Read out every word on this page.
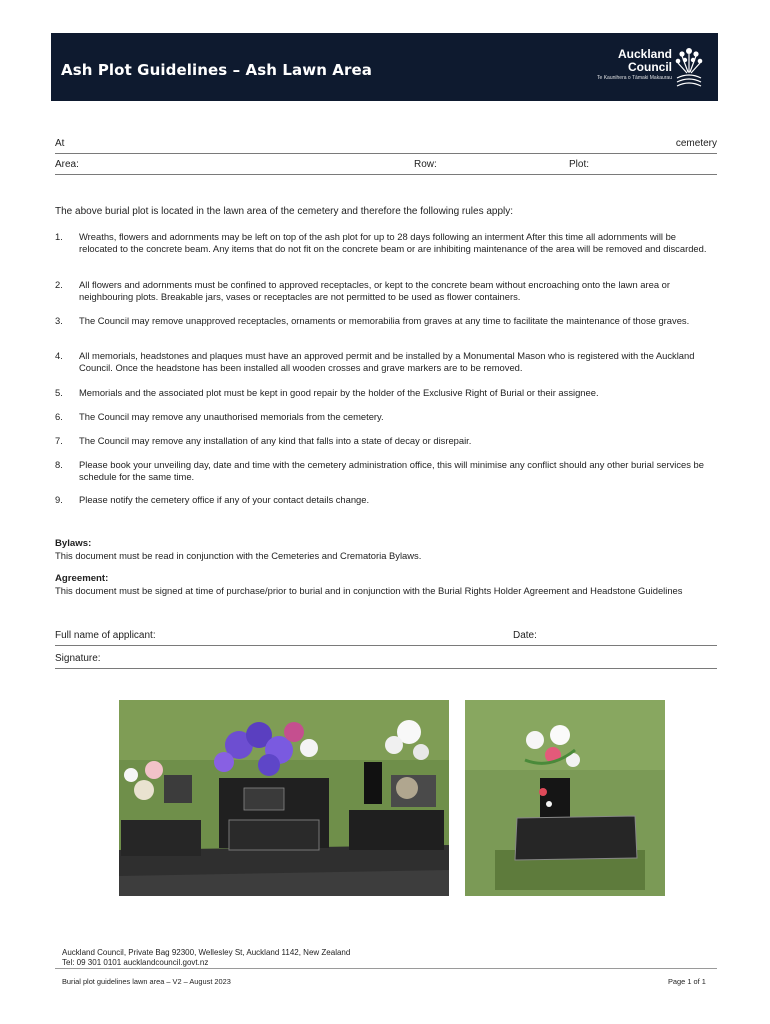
Ash Plot Guidelines – Ash Lawn Area
Auckland
Council
Te Kaunihera o Tāmaki Makaurau
At	cemetery
Area:	Row:	Plot:
The above burial plot is located in the lawn area of the cemetery and therefore the following rules apply:
1. Wreaths, flowers and adornments may be left on top of the ash plot for up to 28 days following an interment After this time all adornments will be relocated to the concrete beam. Any items that do not fit on the concrete beam or are inhibiting maintenance of the area will be removed and discarded.
2. All flowers and adornments must be confined to approved receptacles, or kept to the concrete beam without encroaching onto the lawn area or neighbouring plots. Breakable jars, vases or receptacles are not permitted to be used as flower containers.
3. The Council may remove unapproved receptacles, ornaments or memorabilia from graves at any time to facilitate the maintenance of those graves.
4. All memorials, headstones and plaques must have an approved permit and be installed by a Monumental Mason who is registered with the Auckland Council. Once the headstone has been installed all wooden crosses and grave markers are to be removed.
5. Memorials and the associated plot must be kept in good repair by the holder of the Exclusive Right of Burial or their assignee.
6. The Council may remove any unauthorised memorials from the cemetery.
7. The Council may remove any installation of any kind that falls into a state of decay or disrepair.
8. Please book your unveiling day, date and time with the cemetery administration office, this will minimise any conflict should any other burial services be schedule for the same time.
9. Please notify the cemetery office if any of your contact details change.
Bylaws:
This document must be read in conjunction with the Cemeteries and Crematoria Bylaws.
Agreement:
This document must be signed at time of purchase/prior to burial and in conjunction with the Burial Rights Holder Agreement and Headstone Guidelines
Full name of applicant:	Date:
Signature:
Auckland Council, Private Bag 92300, Wellesley St, Auckland 1142, New Zealand
Tel: 09 301 0101 aucklandcouncil.govt.nz
Burial plot guidelines lawn area – V2 – August 2023	Page 1 of 1
